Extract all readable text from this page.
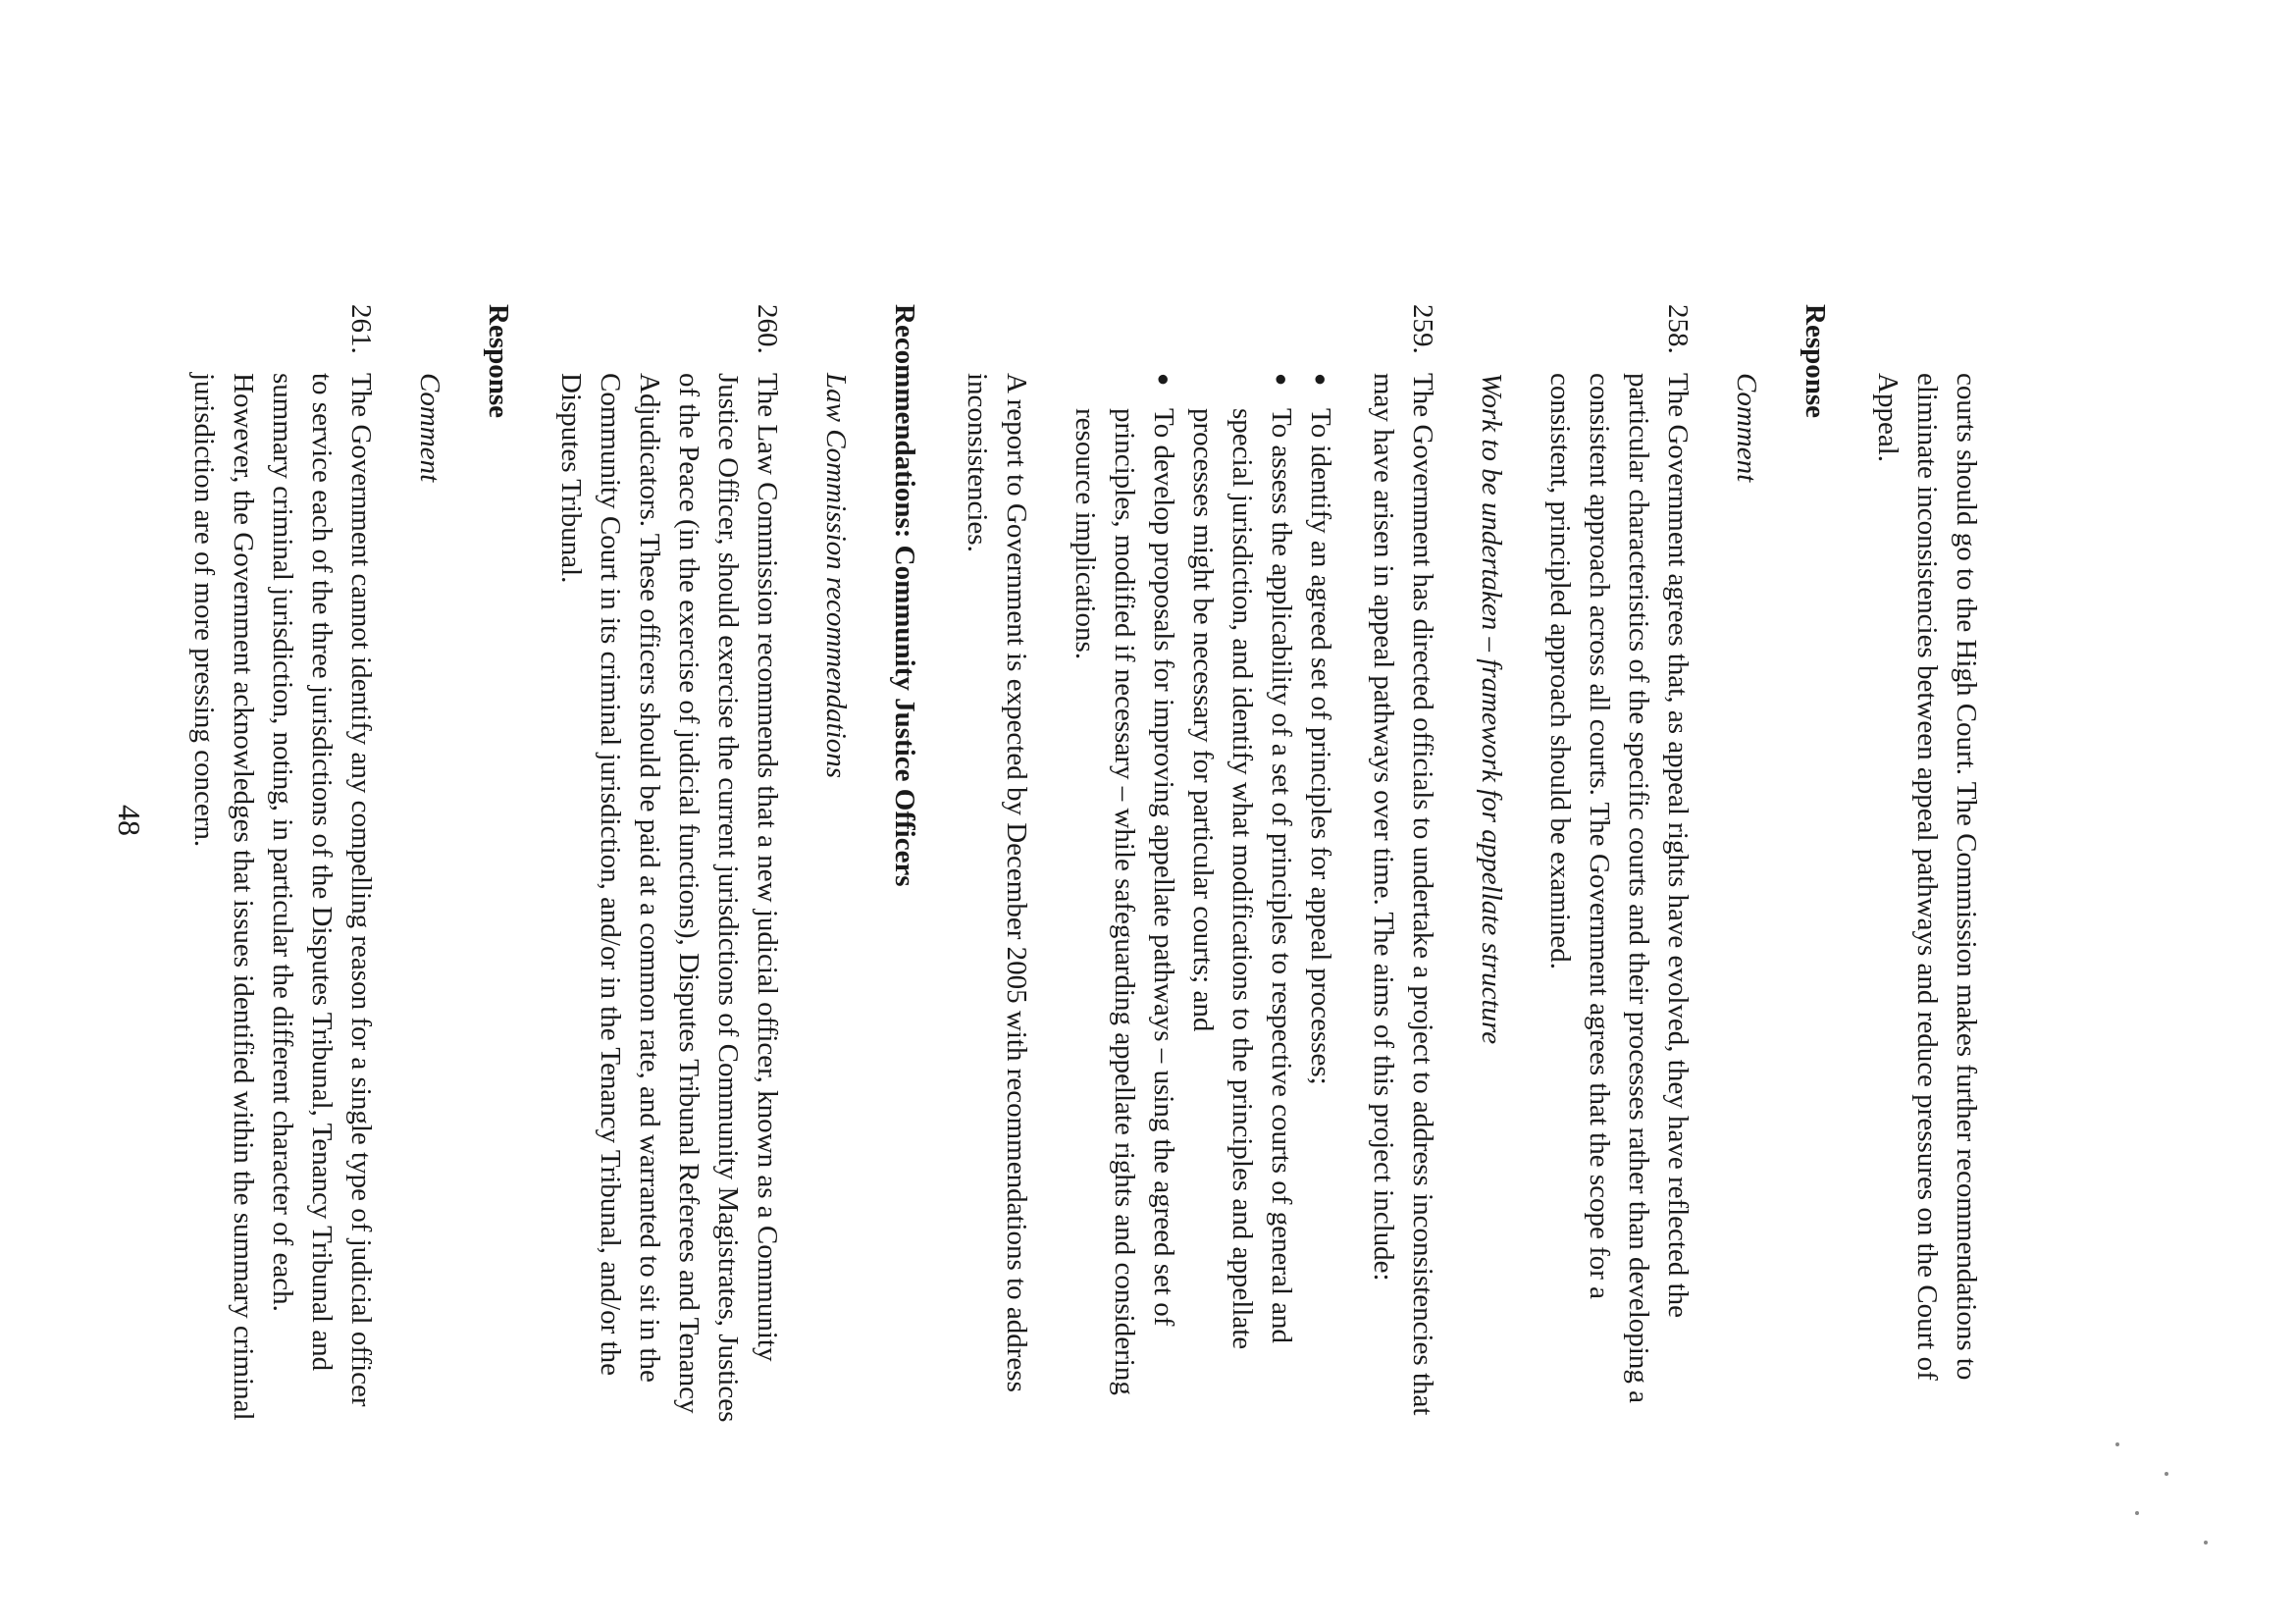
courts should go to the High Court. The Commission makes further recommendations to eliminate inconsistencies between appeal pathways and reduce pressures on the Court of Appeal.

Response

Comment

258.
The Government agrees that, as appeal rights have evolved, they have reflected the particular characteristics of the specific courts and their processes rather than developing a consistent approach across all courts. The Government agrees that the scope for a consistent, principled approach should be examined.

Work to be undertaken – framework for appellate structure

259.
The Government has directed officials to undertake a project to address inconsistencies that may have arisen in appeal pathways over time. The aims of this project include:
●
To identify an agreed set of principles for appeal processes;
●
To assess the applicability of a set of principles to respective courts of general and special jurisdiction, and identify what modifications to the principles and appellate processes might be necessary for particular courts; and
●
To develop proposals for improving appellate pathways – using the agreed set of principles, modified if necessary – while safeguarding appellate rights and considering resource implications.

A report to Government is expected by December 2005 with recommendations to address inconsistencies.

Recommendations: Community Justice Officers

Law Commission recommendations

260.
The Law Commission recommends that a new judicial officer, known as a Community Justice Officer, should exercise the current jurisdictions of Community Magistrates, Justices of the Peace (in the exercise of judicial functions), Disputes Tribunal Referees and Tenancy Adjudicators. These officers should be paid at a common rate, and warranted to sit in the Community Court in its criminal jurisdiction, and/or in the Tenancy Tribunal, and/or the Disputes Tribunal.

Response

Comment

261.
The Government cannot identify any compelling reason for a single type of judicial officer to service each of the three jurisdictions of the Disputes Tribunal, Tenancy Tribunal and summary criminal jurisdiction, noting, in particular the different character of each. However, the Government acknowledges that issues identified within the summary criminal jurisdiction are of more pressing concern.
48
